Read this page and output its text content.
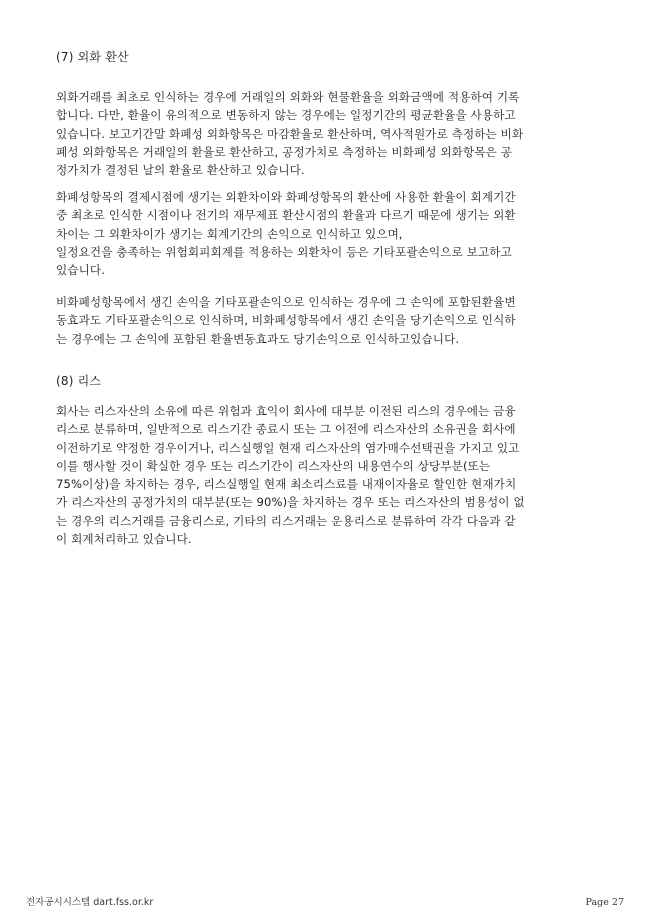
(7) 외화 환산
외화거래를 최초로 인식하는 경우에 거래일의 외화와 현물환율을 외화금액에 적용하여 기록
합니다. 다만, 환율이 유의적으로 변동하지 않는 경우에는 일정기간의 평균환율을 사용하고
있습니다. 보고기간말 화폐성 외화항목은 마감환율로 환산하며, 역사적원가로 측정하는 비화
폐성 외화항목은 거래일의 환율로 환산하고, 공정가치로 측정하는 비화폐성 외화항목은 공
정가치가 결정된 날의 환율로 환산하고 있습니다.
화폐성항목의 결제시점에 생기는 외환차이와 화폐성항목의 환산에 사용한 환율이 회계기간
중 최초로 인식한 시점이나 전기의 재무제표 환산시점의 환율과 다르기 때문에 생기는 외환
차이는 그 외환차이가 생기는 회계기간의 손익으로 인식하고 있으며,
일정요건을 충족하는 위험회피회계를 적용하는 외환차이 등은 기타포괄손익으로 보고하고
있습니다.
비화폐성항목에서 생긴 손익을 기타포괄손익으로 인식하는 경우에 그 손익에 포함된환율변
동효과도 기타포괄손익으로 인식하며, 비화폐성항목에서 생긴 손익을 당기손익으로 인식하
는 경우에는 그 손익에 포함된 환율변동효과도 당기손익으로 인식하고있습니다.
(8) 리스
회사는 리스자산의 소유에 따른 위험과 효익이 회사에 대부분 이전된 리스의 경우에는 금융
리스로 분류하며, 일반적으로 리스기간 종료시 또는 그 이전에 리스자산의 소유권을 회사에
이전하기로 약정한 경우이거나, 리스실행일 현재 리스자산의 염가매수선택권을 가지고 있고
이를 행사할 것이 확실한 경우 또는 리스기간이 리스자산의 내용연수의 상당부분(또는
75%이상)을 차지하는 경우, 리스실행일 현재 최소리스료를 내재이자율로 할인한 현재가치
가 리스자산의 공정가치의 대부분(또는 90%)을 차지하는 경우 또는 리스자산의 범용성이 없
는 경우의 리스거래를 금융리스로, 기타의 리스거래는 운용리스로 분류하여 각각 다음과 같
이 회계처리하고 있습니다.
전자공시시스템 dart.fss.or.kr	Page 27
